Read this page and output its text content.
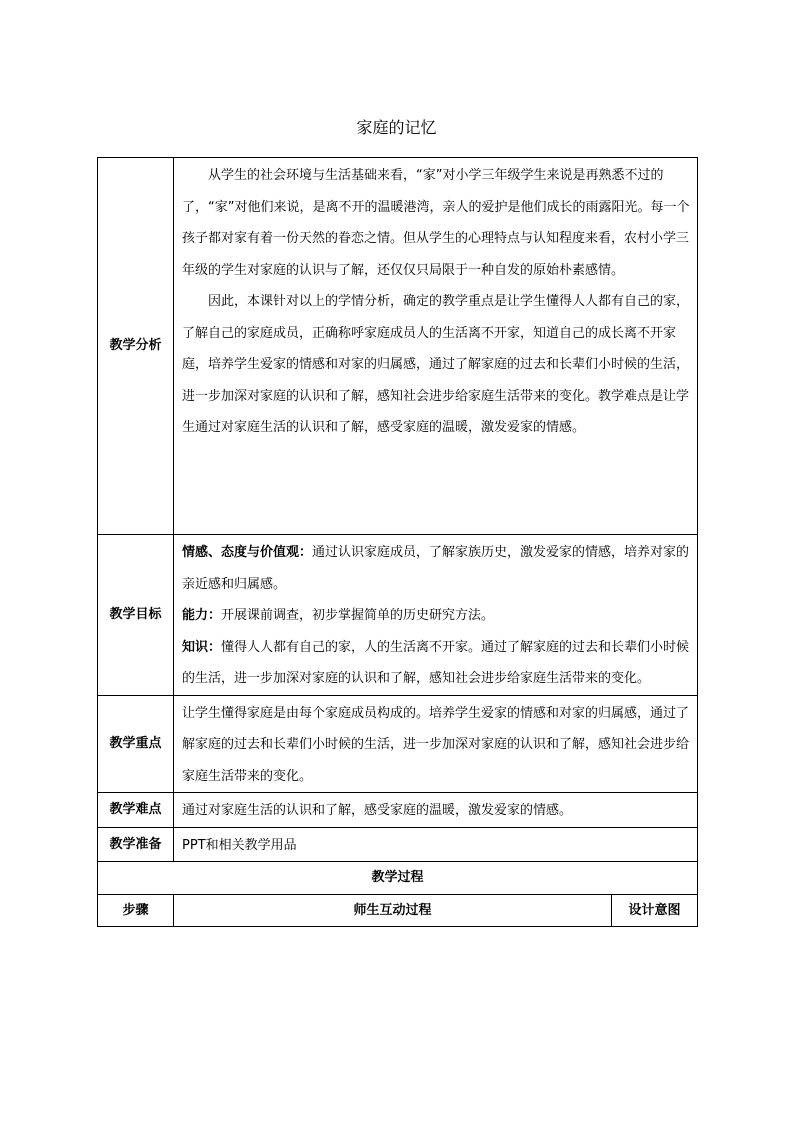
家庭的记忆
教学分析	从学生的社会环境与生活基础来看，“家”对小学三年级学生来说是再熟悉不过的了，“家”对他们来说，是离不开的温暖港湾，亲人的爱护是他们成长的雨露阳光。每一个孩子都对家有着一份天然的眷恋之情。但从学生的心理特点与认知程度来看，农村小学三年级的学生对家庭的认识与了解，还仅仅只局限于一种自发的原始朴素感情。

因此，本课针对以上的学情分析，确定的教学重点是让学生懂得人人都有自己的家，了解自己的家庭成员，正确称呼家庭成员人的生活离不开家，知道自己的成长离不开家庭，培养学生爱家的情感和对家的归属感，通过了解家庭的过去和长辈们小时候的生活，进一步加深对家庭的认识和了解，感知社会进步给家庭生活带来的变化。教学难点是让学生通过对家庭生活的认识和了解，感受家庭的温暖，激发爱家的情感。	

教学目标	情感、态度与价值观：通过认识家庭成员，了解家族历史，激发爱家的情感，培养对家的亲近感和归属感。

能力：开展课前调查，初步掌握简单的历史研究方法。

知识：懂得人人都有自己的家，人的生活离不开家。通过了解家庭的过去和长辈们小时候的生活，进一步加深对家庭的认识和了解，感知社会进步给家庭生活带来的变化。	

教学重点	让学生懂得家庭是由每个家庭成员构成的。培养学生爱家的情感和对家的归属感，通过了解家庭的过去和长辈们小时候的生活，进一步加深对家庭的认识和了解，感知社会进步给家庭生活带来的变化。	
教学难点	通过对家庭生活的认识和了解，感受家庭的温暖，激发爱家的情感。	
教学准备	PPT和相关教学用品	
教学过程		
步骤	师生互动过程	设计意图
